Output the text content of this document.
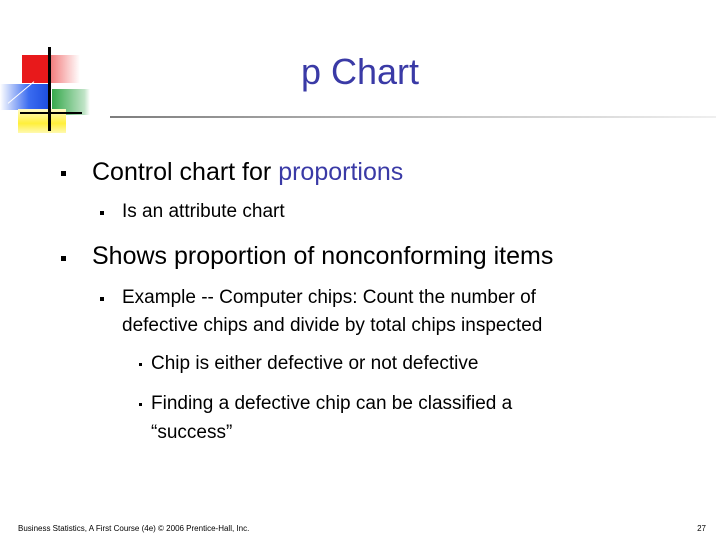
p Chart
Control chart for proportions
Is an attribute chart
Shows proportion of nonconforming items
Example -- Computer chips: Count the number of
defective chips and divide by total chips inspected
Chip is either defective or not defective
Finding a defective chip can be classified a
“success”
Business Statistics, A First Course (4e) © 2006 Prentice-Hall, Inc.	27
